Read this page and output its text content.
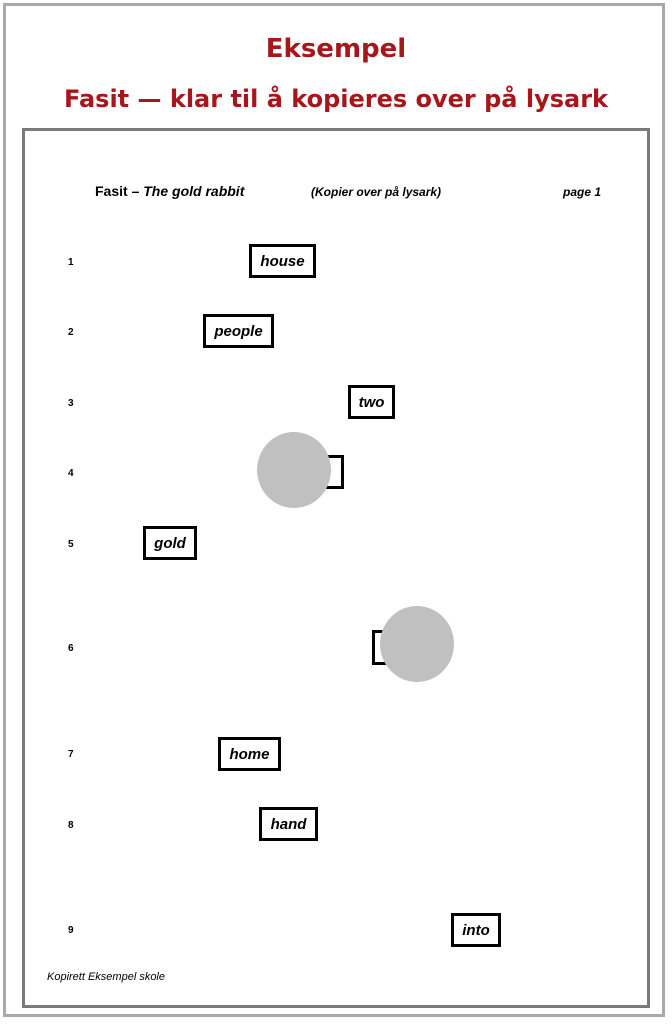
Eksempel
Fasit — klar til å kopieres over på lysark
Fasit – The gold rabbit	(Kopier over på lysark)	page 1
1	house
2	people
3	two
4
5	gold
6
7	home
8	hand
9	into
Kopirett Eksempel skole
